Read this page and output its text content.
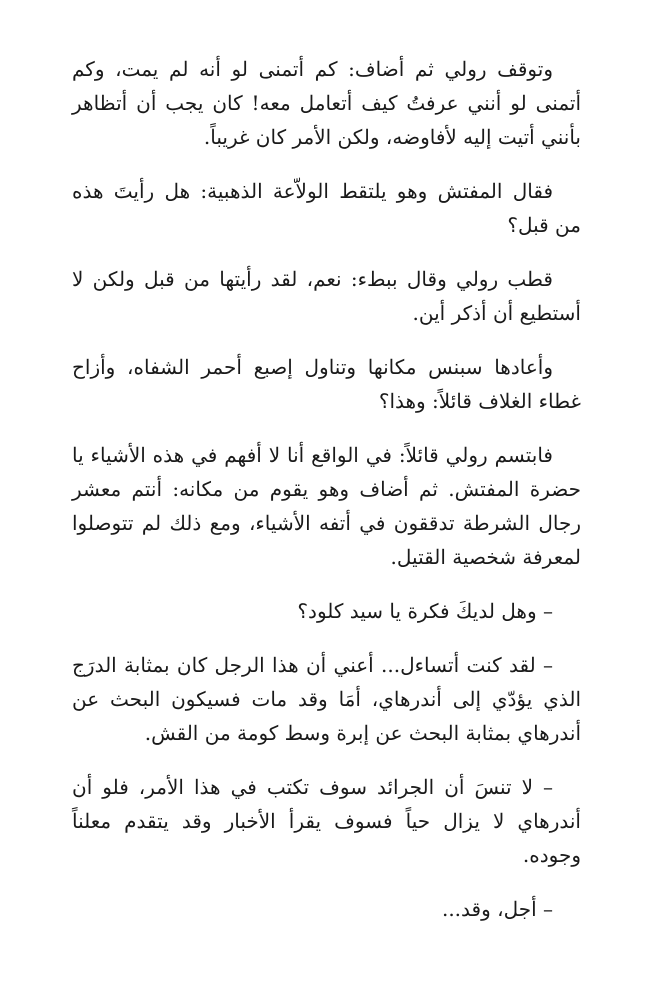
وتوقف رولي ثم أضاف: كم أتمنى لو أنه لم يمت، وكم أتمنى لو أنني عرفتُ كيف أتعامل معه! كان يجب أن أتظاهر بأنني أتيت إليه لأفاوضه، ولكن الأمر كان غريباً.

فقال المفتش وهو يلتقط الولاّعة الذهبية: هل رأيتَ هذه من قبل؟

قطب رولي وقال ببطء: نعم، لقد رأيتها من قبل ولكن لا أستطيع أن أذكر أين.

وأعادها سبنس مكانها وتناول إصبع أحمر الشفاه، وأزاح غطاء الغلاف قائلاً: وهذا؟

فابتسم رولي قائلاً: في الواقع أنا لا أفهم في هذه الأشياء يا حضرة المفتش. ثم أضاف وهو يقوم من مكانه: أنتم معشر رجال الشرطة تدققون في أتفه الأشياء، ومع ذلك لم تتوصلوا لمعرفة شخصية القتيل.

– وهل لديكَ فكرة يا سيد كلود؟

– لقد كنت أتساءل... أعني أن هذا الرجل كان بمثابة الدرَج الذي يؤدّي إلى أندرهاي، أمَا وقد مات فسيكون البحث عن أندرهاي بمثابة البحث عن إبرة وسط كومة من القش.

– لا تنسَ أن الجرائد سوف تكتب في هذا الأمر، فلو أن أندرهاي لا يزال حياً فسوف يقرأ الأخبار وقد يتقدم معلناً وجوده.

– أجل، وقد...
